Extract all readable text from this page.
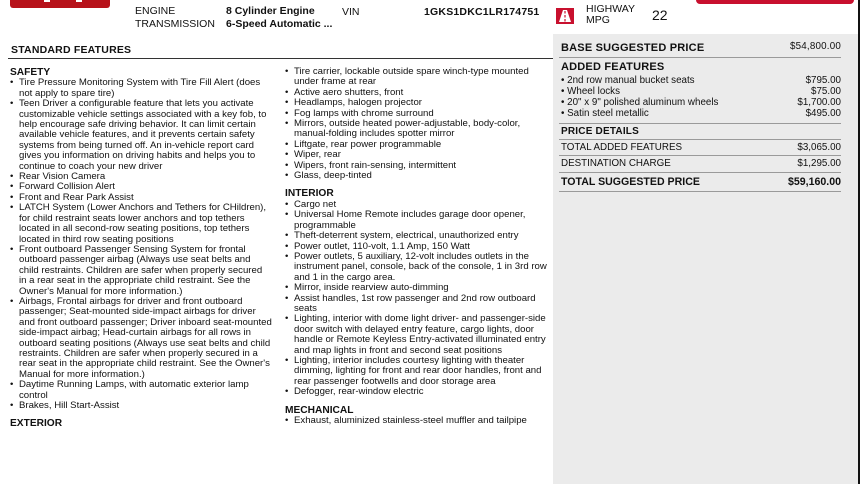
ENGINE	8 Cylinder Engine
TRANSMISSION 6-Speed Automatic ...
VIN	1GKS1DKC1LR174751	HIGHWAY
MPG	22
STANDARD FEATURES
SAFETY
• Tire Pressure Monitoring System with Tire Fill Alert (does not apply to spare tire)
• Teen Driver a configurable feature that lets you activate customizable vehicle settings associated with a key fob, to help encourage safe driving behavior. It can limit certain available vehicle features, and it prevents certain safety systems from being turned off. An in-vehicle report card gives you information on driving habits and helps you to continue to coach your new driver
• Rear Vision Camera
• Forward Collision Alert
• Front and Rear Park Assist
• LATCH System (Lower Anchors and Tethers for CHildren), for child restraint seats lower anchors and top tethers located in all second-row seating positions, top tethers located in third row seating positions
• Front outboard Passenger Sensing System for frontal outboard passenger airbag (Always use seat belts and child restraints. Children are safer when properly secured in a rear seat in the appropriate child restraint. See the Owner's Manual for more information.)
• Airbags, Frontal airbags for driver and front outboard passenger; Seat-mounted side-impact airbags for driver and front outboard passenger; Driver inboard seat-mounted side-impact airbag; Head-curtain airbags for all rows in outboard seating positions (Always use seat belts and child restraints. Children are safer when properly secured in a rear seat in the appropriate child restraint. See the Owner's Manual for more information.)
• Daytime Running Lamps, with automatic exterior lamp control
• Brakes, Hill Start-Assist
EXTERIOR
• Tire carrier, lockable outside spare winch-type mounted under frame at rear
• Active aero shutters, front
• Headlamps, halogen projector
• Fog lamps with chrome surround
• Mirrors, outside heated power-adjustable, body-color, manual-folding includes spotter mirror
• Liftgate, rear power programmable
• Wiper, rear
• Wipers, front rain-sensing, intermittent
• Glass, deep-tinted
INTERIOR
• Cargo net
• Universal Home Remote includes garage door opener, programmable
• Theft-deterrent system, electrical, unauthorized entry
• Power outlet, 110-volt, 1.1 Amp, 150 Watt
• Power outlets, 5 auxiliary, 12-volt includes outlets in the instrument panel, console, back of the console, 1 in 3rd row and 1 in the cargo area.
• Mirror, inside rearview auto-dimming
• Assist handles, 1st row passenger and 2nd row outboard seats
• Lighting, interior with dome light driver- and passenger-side door switch with delayed entry feature, cargo lights, door handle or Remote Keyless Entry-activated illuminated entry and map lights in front and second seat positions
• Lighting, interior includes courtesy lighting with theater dimming, lighting for front and rear door handles, front and rear passenger footwells and door storage area
• Defogger, rear-window electric
MECHANICAL
• Exhaust, aluminized stainless-steel muffler and tailpipe
BASE SUGGESTED PRICE	$54,800.00
ADDED FEATURES
• 2nd row manual bucket seats	$795.00
• Wheel locks	$75.00
• 20" x 9" polished aluminum wheels	$1,700.00
• Satin steel metallic	$495.00
PRICE DETAILS
TOTAL ADDED FEATURES	$3,065.00
DESTINATION CHARGE	$1,295.00
TOTAL SUGGESTED PRICE	$59,160.00
